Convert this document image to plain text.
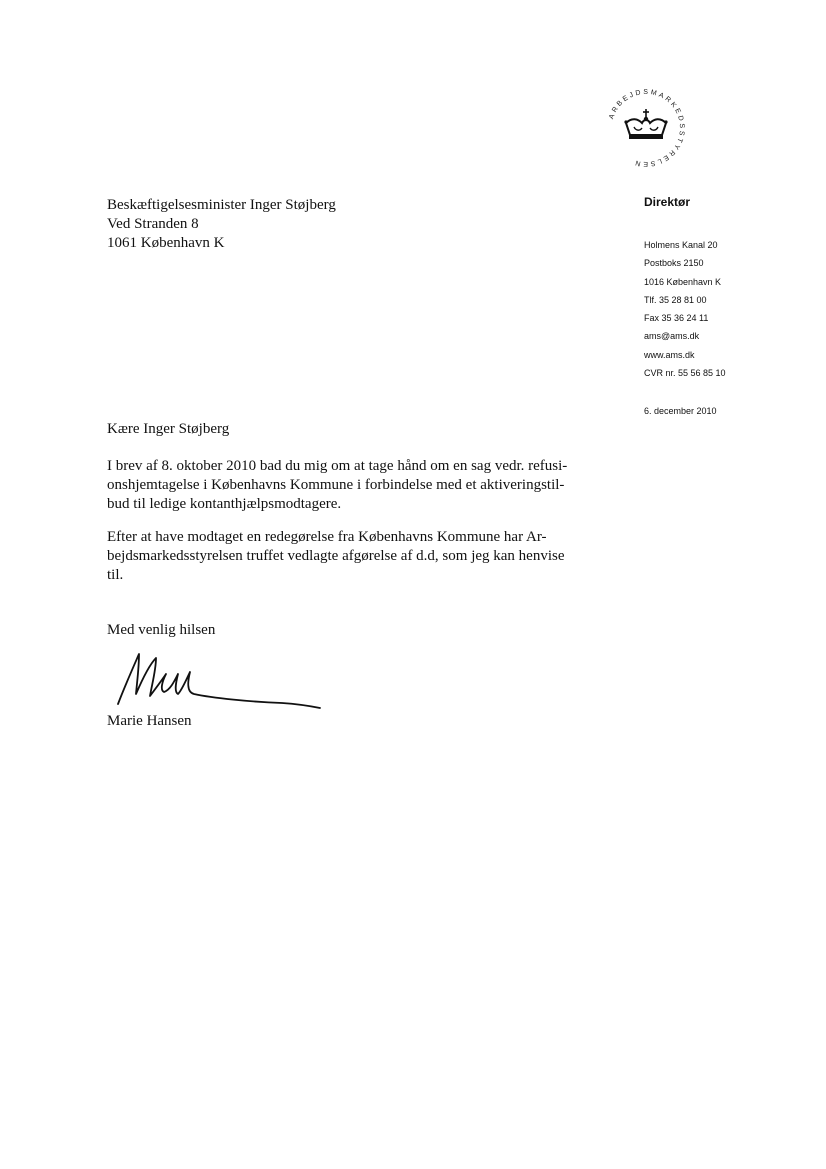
ARBEJDSMARKEDSSTYRELSEN
Direktør
Holmens Kanal 20
Postboks 2150
1016 København K
Tlf. 35 28 81 00
Fax 35 36 24 11
ams@ams.dk
www.ams.dk
CVR nr. 55 56 85 10
6. december 2010
Beskæftigelsesminister Inger Støjberg
Ved Stranden 8
1061 København K
Kære Inger Støjberg

I brev af 8. oktober 2010 bad du mig om at tage hånd om en sag vedr. refusi-
onshjemtagelse i Københavns Kommune i forbindelse med et aktiveringstil-
bud til ledige kontanthjælpsmodtagere.

Efter at have modtaget en redegørelse fra Københavns Kommune har Ar-
bejdsmarkedsstyrelsen truffet vedlagte afgørelse af d.d, som jeg kan henvise
til.

Med venlig hilsen
Marie Hansen
